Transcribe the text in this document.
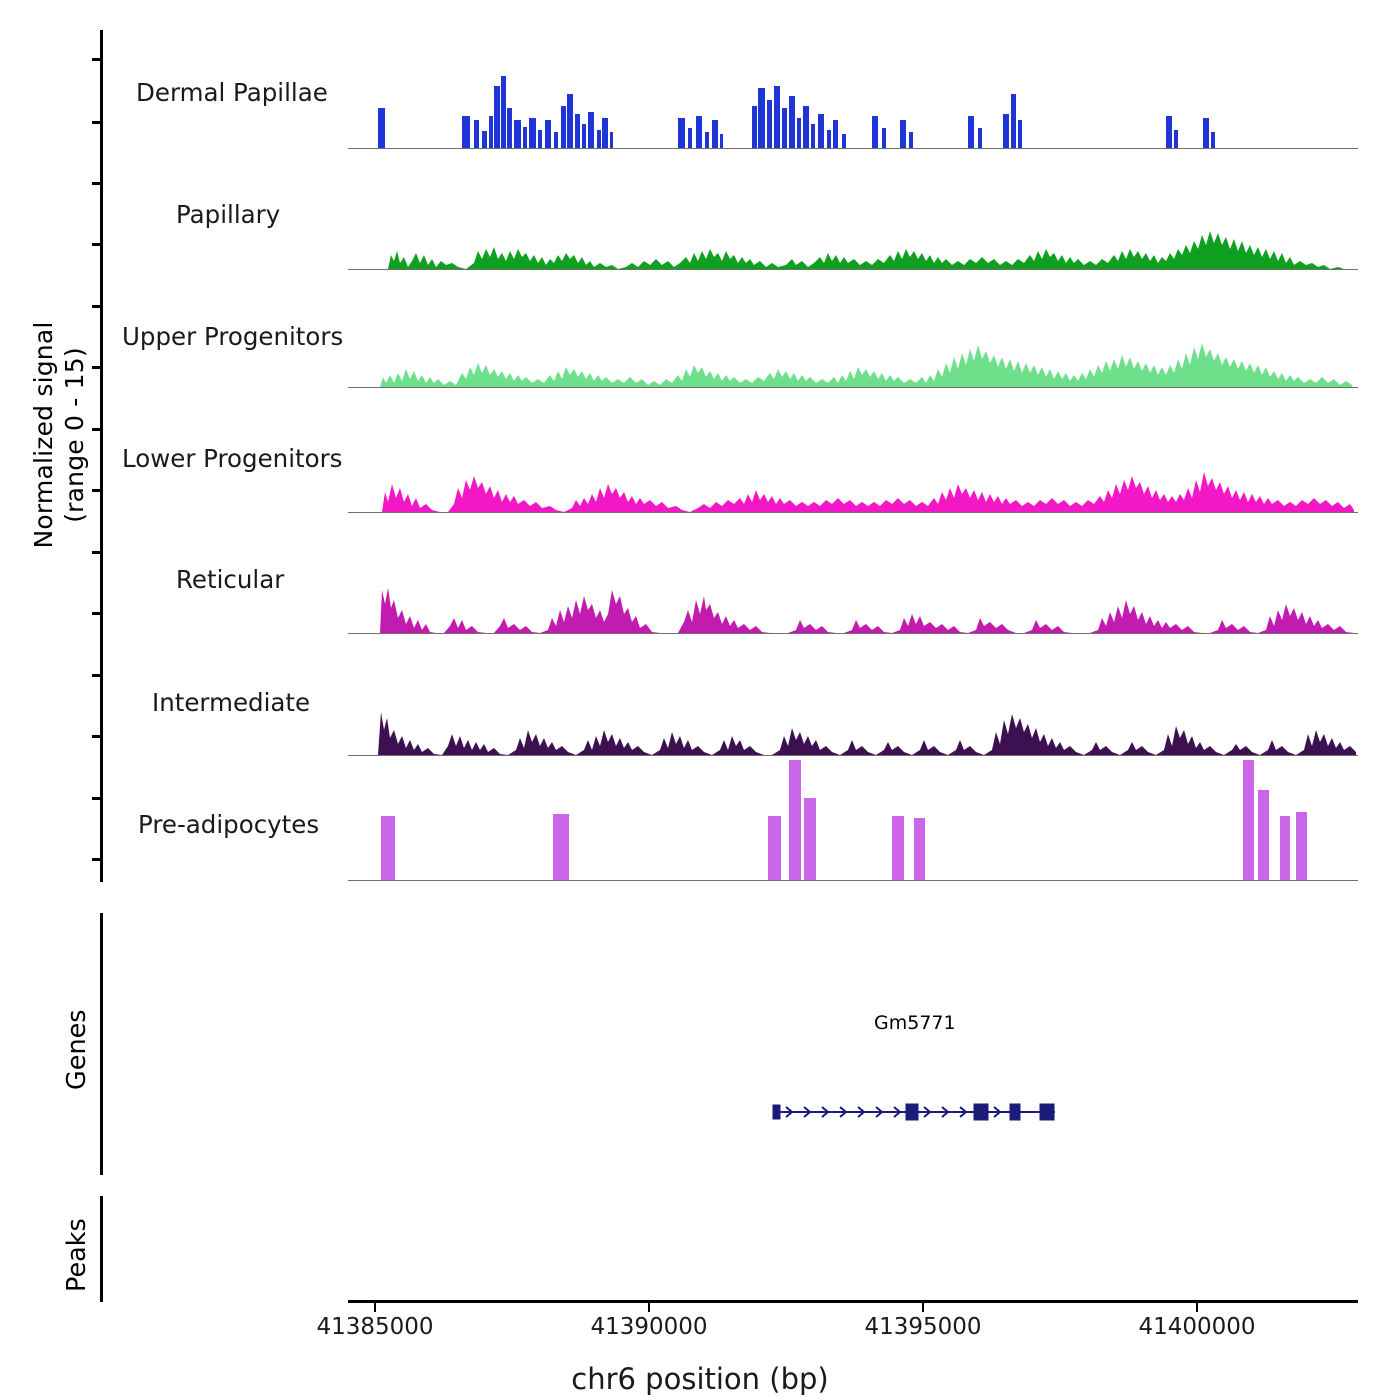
Normalized signal
(range 0 - 15)
Dermal Papillae
Papillary
Upper Progenitors
Lower Progenitors
Reticular
Intermediate
Pre-adipocytes
Genes	Gm5771
Peaks
41385000	41390000	41395000	41400000
chr6 position (bp)
